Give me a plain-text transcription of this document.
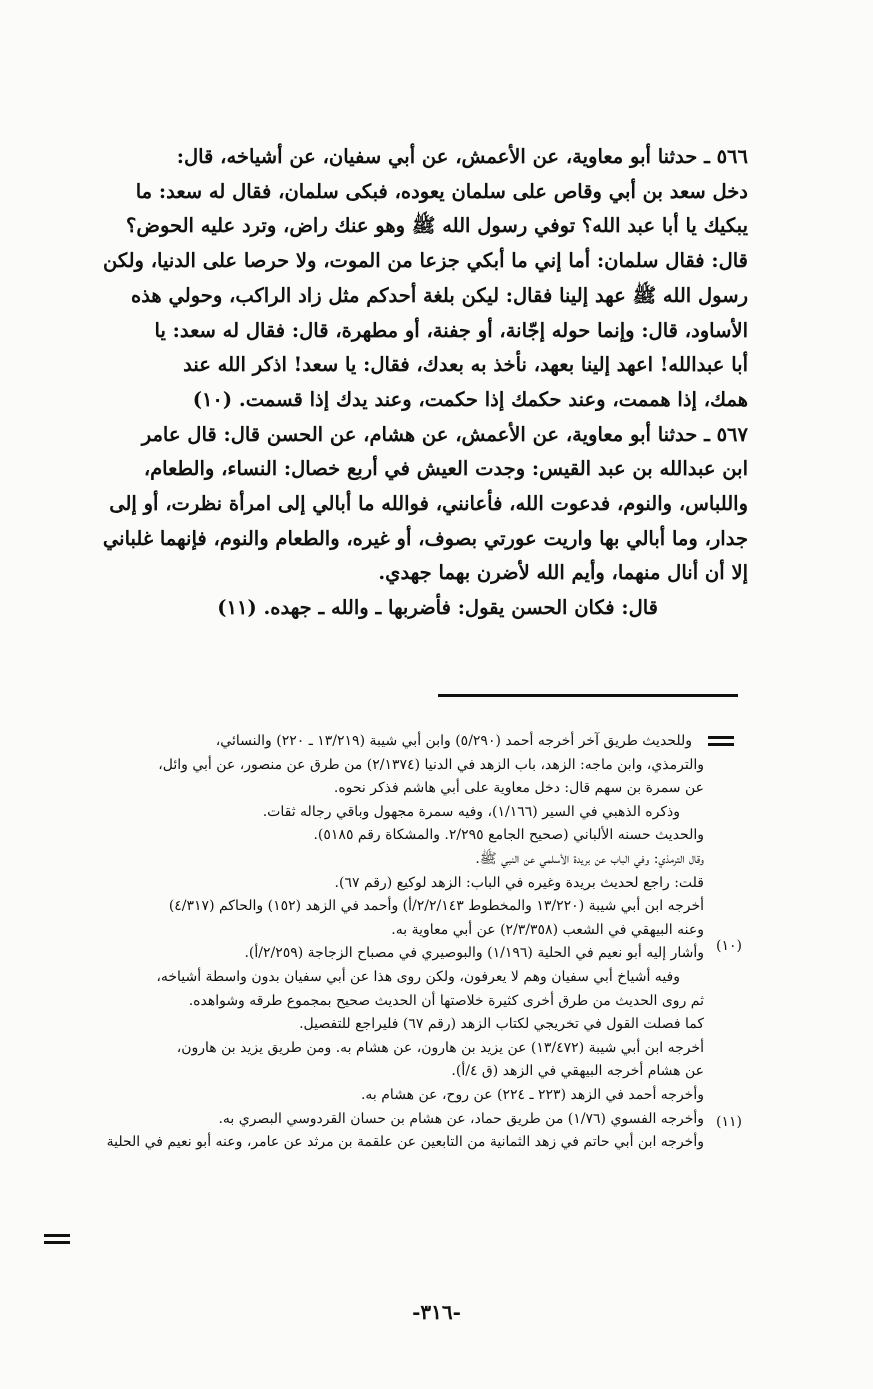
٥٦٦ ـ حدثنا أبو معاوية، عن الأعمش، عن أبي سفيان، عن أشياخه، قال:

دخل سعد بن أبي وقاص على سلمان يعوده، فبكى سلمان، فقال له سعد: ما

يبكيك يا أبا عبد الله؟ توفي رسول الله ﷺ وهو عنك راض، وترد عليه الحوض؟

قال: فقال سلمان: أما إني ما أبكي جزعا من الموت، ولا حرصا على الدنيا، ولكن

رسول الله ﷺ عهد إلينا فقال: ليكن بلغة أحدكم مثل زاد الراكب، وحولي هذه

الأساود، قال: وإنما حوله إجّانة، أو جفنة، أو مطهرة، قال: فقال له سعد: يا

أبا عبدالله! اعهد إلينا بعهد، نأخذ به بعدك، فقال: يا سعد! اذكر الله عند

همك، إذا هممت، وعند حكمك إذا حكمت، وعند يدك إذا قسمت. (١٠)

٥٦٧ ـ حدثنا أبو معاوية، عن الأعمش، عن هشام، عن الحسن قال: قال عامر

ابن عبدالله بن عبد القيس: وجدت العيش في أربع خصال: النساء، والطعام،

واللباس، والنوم، فدعوت الله، فأعانني، فوالله ما أبالي إلى امرأة نظرت، أو إلى

جدار، وما أبالي بها واريت عورتي بصوف، أو غيره، والطعام والنوم، فإنهما غلباني

إلا أن أنال منهما، وأيم الله لأضرن بهما جهدي.

قال: فكان الحسن يقول: فأضربها ـ والله ـ جهده. (١١)

(١٠)
(١١)

وللحديث طريق آخر أخرجه أحمد (٥/٢٩٠) وابن أبي شيبة (١٣/٢١٩ ـ ٢٢٠) والنسائي،

والترمذي، وابن ماجه: الزهد، باب الزهد في الدنيا (٢/١٣٧٤) من طرق عن منصور، عن أبي وائل،

عن سمرة بن سهم قال: دخل معاوية على أبي هاشم فذكر نحوه.

وذكره الذهبي في السير (١/١٦٦)، وفيه سمرة مجهول وباقي رجاله ثقات.

والحديث حسنه الألباني (صحيح الجامع ٢/٢٩٥. والمشكاة رقم ٥١٨٥).

وقال الترمذي: وفي الباب عن بريدة الأسلمي عن النبي ﷺ.

قلت: راجع لحديث بريدة وغيره في الباب: الزهد لوكيع (رقم ٦٧).

أخرجه ابن أبي شيبة (١٣/٢٢٠ والمخطوط ٢/٢/١٤٣/أ) وأحمد في الزهد (١٥٢) والحاكم (٤/٣١٧)

وعنه البيهقي في الشعب (٢/٣/٣٥٨) عن أبي معاوية به.

وأشار إليه أبو نعيم في الحلية (١/١٩٦) والبوصيري في مصباح الزجاجة (٢/٢٥٩/أ).

وفيه أشياخ أبي سفيان وهم لا يعرفون، ولكن روى هذا عن أبي سفيان بدون واسطة أشياخه،

ثم روى الحديث من طرق أخرى كثيرة خلاصتها أن الحديث صحيح بمجموع طرقه وشواهده.

كما فصلت القول في تخريجي لكتاب الزهد (رقم ٦٧) فليراجع للتفصيل.

أخرجه ابن أبي شيبة (١٣/٤٧٢) عن يزيد بن هارون، عن هشام به. ومن طريق يزيد بن هارون،

عن هشام أخرجه البيهقي في الزهد (ق ٤/أ).

وأخرجه أحمد في الزهد (٢٢٣ ـ ٢٢٤) عن روح، عن هشام به.

وأخرجه الفسوي (١/٧٦) من طريق حماد، عن هشام بن حسان القردوسي البصري به.

وأخرجه ابن أبي حاتم في زهد الثمانية من التابعين عن علقمة بن مرثد عن عامر، وعنه أبو نعيم في الحلية

-٣١٦-
